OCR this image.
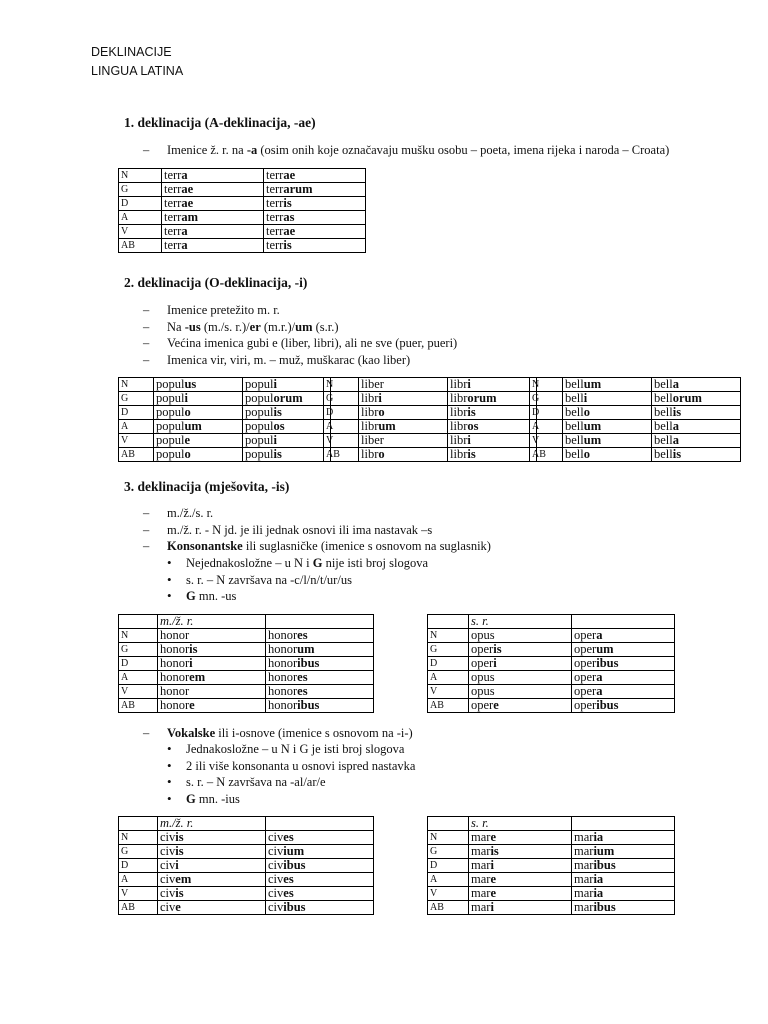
DEKLINACIJE
LINGUA LATINA
1. deklinacija (A-deklinacija, -ae)
– Imenice ž. r. na -a (osim onih koje označavaju mušku osobu – poeta, imena rijeka i naroda – Croata)
N	terra	terrae
G	terrae	terrarum
D	terrae	terris
A	terram	terras
V	terra	terrae
AB	terra	terris
2. deklinacija (O-deklinacija, -i)
– Imenice pretežito m. r.
– Na -us (m./s. r.)/er (m.r.)/um (s.r.)
– Većina imenica gubi e (liber, libri), ali ne sve (puer, pueri)
– Imenica vir, viri, m. – muž, muškarac (kao liber)
N	populus	populi
G	populi	populorum
D	populo	populis
A	populum	populos
V	popule	populi
AB	populo	populis
N	liber	libri
G	libri	librorum
D	libro	libris
A	librum	libros
V	liber	libri
AB	libro	libris
N	bellum	bella
G	belli	bellorum
D	bello	bellis
A	bellum	bella
V	bellum	bella
AB	bello	bellis
3. deklinacija (mješovita, -is)
– m./ž./s. r.
– m./ž. r. - N jd. je ili jednak osnovi ili ima nastavak –s
– Konsonantske ili suglasničke (imenice s osnovom na suglasnik)
• Nejednakosložne – u N i G nije isti broj slogova
• s. r. – N završava na -c/l/n/t/ur/us
• G mn. -us
	m./ž. r.	
N	honor	honores
G	honoris	honorum
D	honori	honoribus
A	honorem	honores
V	honor	honores
AB	honore	honoribus
	s. r.	
N	opus	opera
G	operis	operum
D	operi	operibus
A	opus	opera
V	opus	opera
AB	opere	operibus
– Vokalske ili i-osnove (imenice s osnovom na -i-)
• Jednakosložne – u N i G je isti broj slogova
• 2 ili više konsonanta u osnovi ispred nastavka
• s. r. – N završava na -al/ar/e
• G mn. -ius
	m./ž. r.	
N	civis	cives
G	civis	civium
D	civi	civibus
A	civem	cives
V	civis	cives
AB	cive	civibus
	s. r.	
N	mare	maria
G	maris	marium
D	mari	maribus
A	mare	maria
V	mare	maria
AB	mari	maribus
